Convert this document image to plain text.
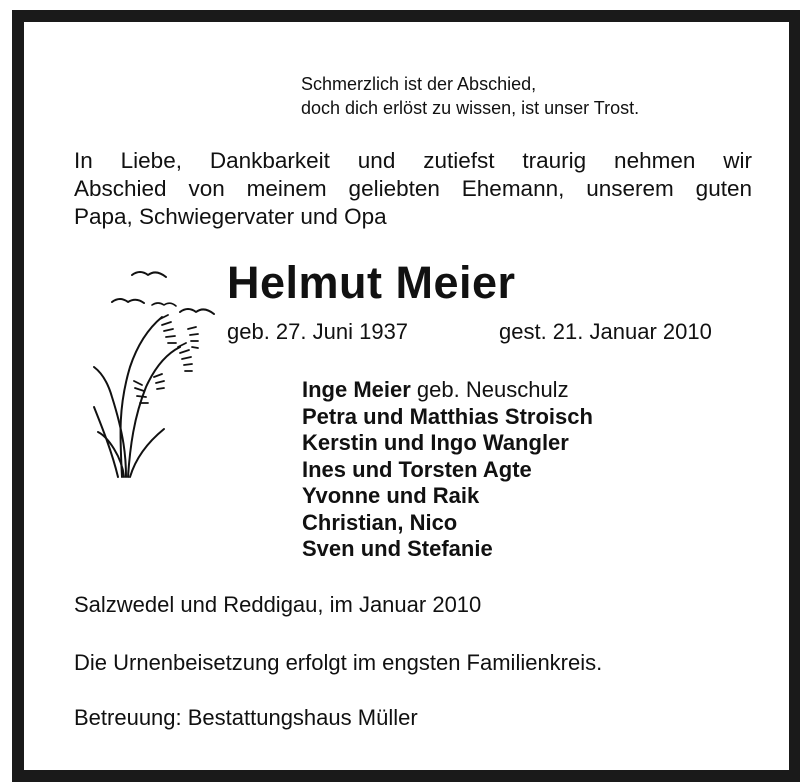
Schmerzlich ist der Abschied,
doch dich erlöst zu wissen, ist unser Trost.
In Liebe, Dankbarkeit und zutiefst traurig nehmen wir
Abschied von meinem geliebten Ehemann, unserem guten
Papa, Schwiegervater und Opa
Helmut Meier
geb. 27. Juni 1937	gest. 21. Januar 2010
Inge Meier geb. Neuschulz
Petra und Matthias Stroisch
Kerstin und Ingo Wangler
Ines und Torsten Agte
Yvonne und Raik
Christian, Nico
Sven und Stefanie
Salzwedel und Reddigau, im Januar 2010
Die Urnenbeisetzung erfolgt im engsten Familienkreis.
Betreuung: Bestattungshaus Müller
